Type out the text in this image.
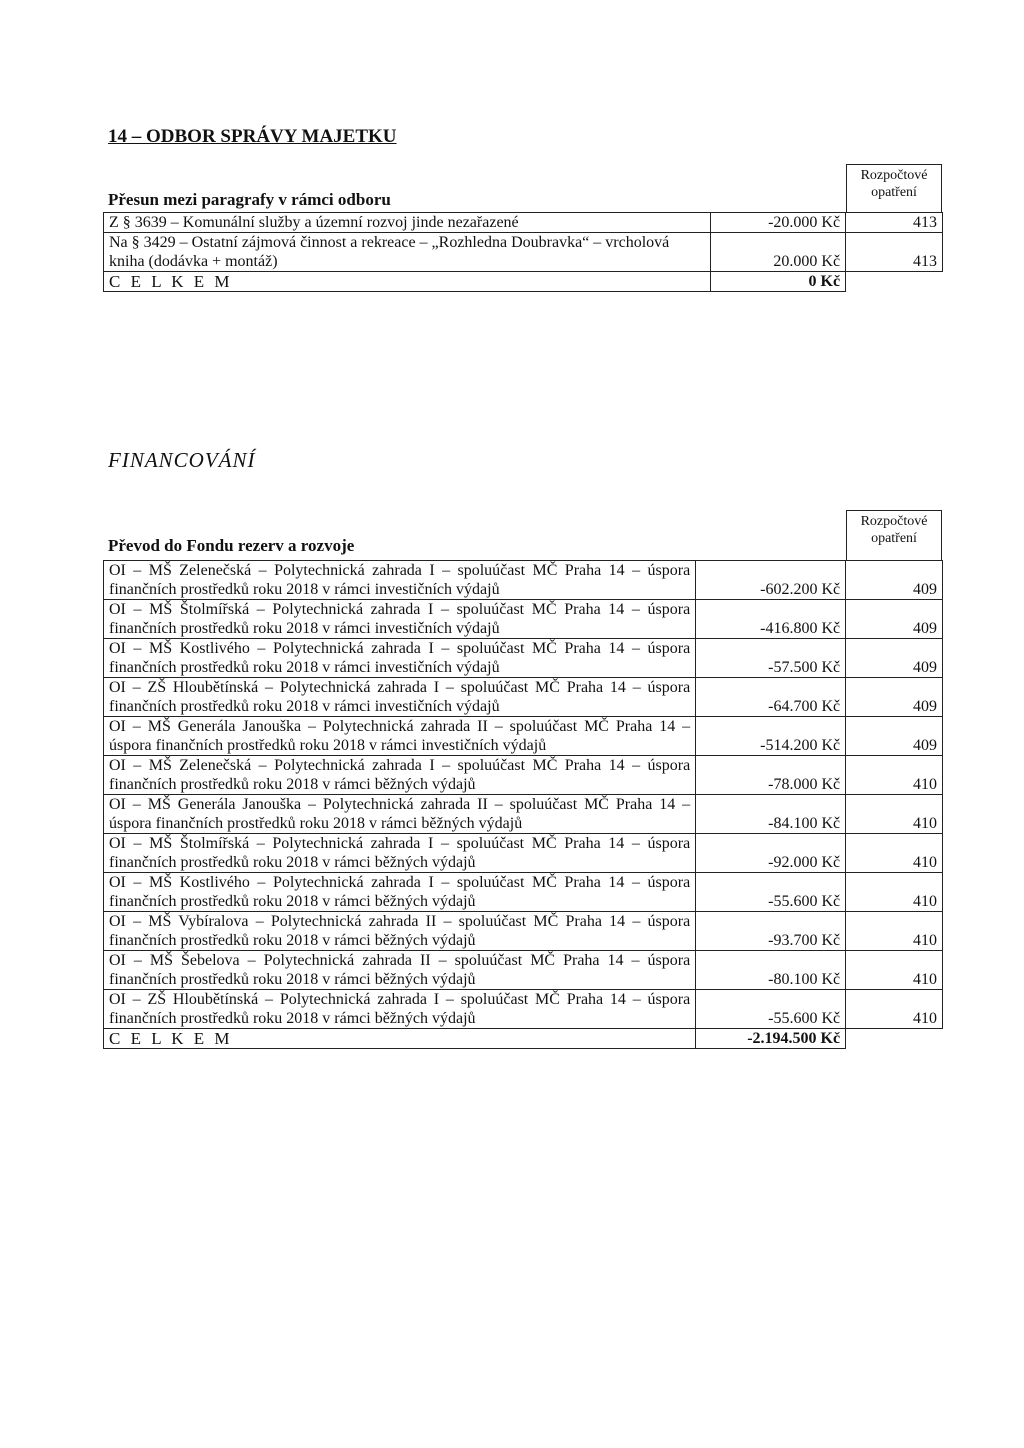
14 – ODBOR SPRÁVY MAJETKU
Přesun mezi paragrafy v rámci odboru
Rozpočtové opatření
Z § 3639 – Komunální služby a územní rozvoj jinde nezařazené	-20.000 Kč	413
Na § 3429 – Ostatní zájmová činnost a rekreace – „Rozhledna Doubravka“ – vrcholová kniha (dodávka + montáž)	20.000 Kč	413
C E L K E M	0 Kč	
FINANCOVÁNÍ
Převod do Fondu rezerv a rozvoje
Rozpočtové opatření
OI – MŠ Zelenečská – Polytechnická zahrada I – spoluúčast MČ Praha 14 – úspora finančních prostředků roku 2018 v rámci investičních výdajů	-602.200 Kč	409
OI – MŠ Štolmířská – Polytechnická zahrada I – spoluúčast MČ Praha 14 – úspora finančních prostředků roku 2018 v rámci investičních výdajů	-416.800 Kč	409
OI – MŠ Kostlivého – Polytechnická zahrada I – spoluúčast MČ Praha 14 – úspora finančních prostředků roku 2018 v rámci investičních výdajů	-57.500 Kč	409
OI – ZŠ Hloubětínská – Polytechnická zahrada I – spoluúčast MČ Praha 14 – úspora finančních prostředků roku 2018 v rámci investičních výdajů	-64.700 Kč	409
OI – MŠ Generála Janouška – Polytechnická zahrada II – spoluúčast MČ Praha 14 – úspora finančních prostředků roku 2018 v rámci investičních výdajů	-514.200 Kč	409
OI – MŠ Zelenečská – Polytechnická zahrada I – spoluúčast MČ Praha 14 – úspora finančních prostředků roku 2018 v rámci běžných výdajů	-78.000 Kč	410
OI – MŠ Generála Janouška – Polytechnická zahrada II – spoluúčast MČ Praha 14 – úspora finančních prostředků roku 2018 v rámci běžných výdajů	-84.100 Kč	410
OI – MŠ Štolmířská – Polytechnická zahrada I – spoluúčast MČ Praha 14 – úspora finančních prostředků roku 2018 v rámci běžných výdajů	-92.000 Kč	410
OI – MŠ Kostlivého – Polytechnická zahrada I – spoluúčast MČ Praha 14 – úspora finančních prostředků roku 2018 v rámci běžných výdajů	-55.600 Kč	410
OI – MŠ Vybíralova – Polytechnická zahrada II – spoluúčast MČ Praha 14 – úspora finančních prostředků roku 2018 v rámci běžných výdajů	-93.700 Kč	410
OI – MŠ Šebelova – Polytechnická zahrada II – spoluúčast MČ Praha 14 – úspora finančních prostředků roku 2018 v rámci běžných výdajů	-80.100 Kč	410
OI – ZŠ Hloubětínská – Polytechnická zahrada I – spoluúčast MČ Praha 14 – úspora finančních prostředků roku 2018 v rámci běžných výdajů	-55.600 Kč	410
C E L K E M	-2.194.500 Kč	
